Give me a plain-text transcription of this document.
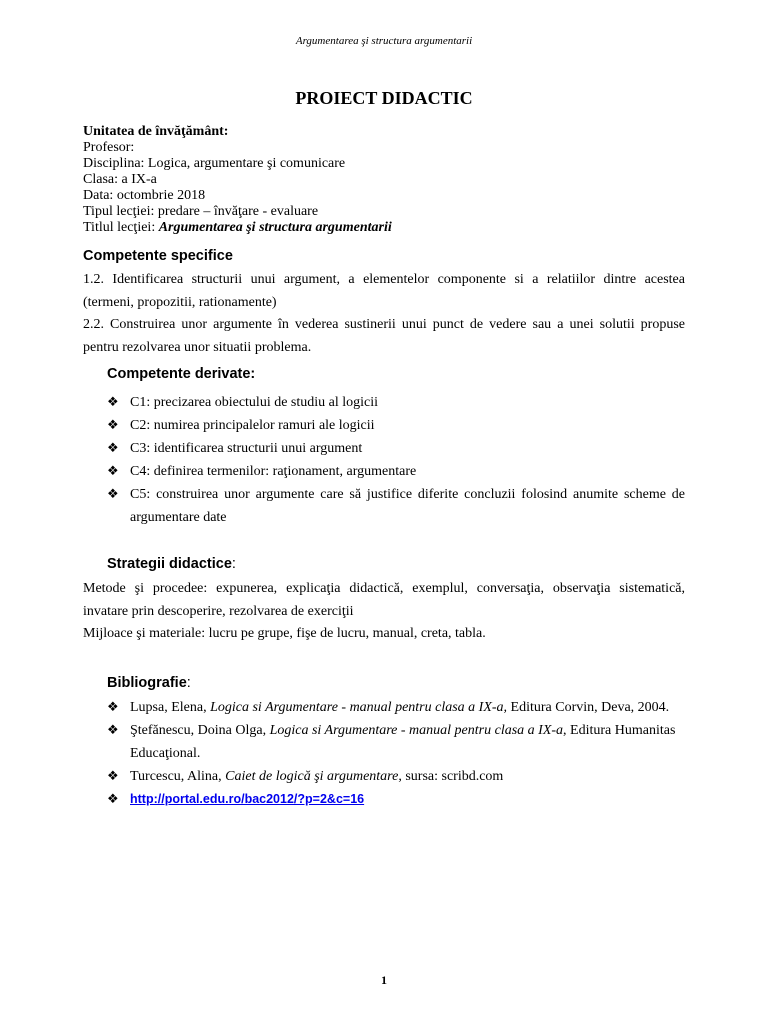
Argumentarea şi structura argumentarii
PROIECT DIDACTIC
Unitatea de învăţământ:
Profesor:
Disciplina: Logica, argumentare şi comunicare
Clasa: a IX-a
Data: octombrie 2018
Tipul lecţiei: predare – învăţare - evaluare
Titlul lecţiei: Argumentarea şi structura argumentarii
Competente specifice
1.2. Identificarea structurii unui argument, a elementelor componente si a relatiilor dintre acestea
(termeni, propozitii, rationamente)
2.2. Construirea unor argumente în vederea sustinerii unui punct de vedere sau a unei solutii propuse
pentru rezolvarea unor situatii problema.
Competente derivate:
❖ C1: precizarea obiectului de studiu al logicii
❖ C2: numirea principalelor ramuri ale logicii
❖ C3: identificarea structurii unui argument
❖ C4: definirea termenilor: raţionament, argumentare
❖ C5: construirea unor argumente care să justifice diferite concluzii folosind anumite scheme de
argumentare date
Strategii didactice:
Metode şi procedee: expunerea, explicaţia didactică, exemplul, conversaţia, observaţia sistematică,
invatare prin descoperire, rezolvarea de exerciţii
Mijloace şi materiale: lucru pe grupe, fişe de lucru, manual, creta, tabla.
Bibliografie:
❖ Lupsa, Elena, Logica si Argumentare - manual pentru clasa a IX-a, Editura Corvin, Deva, 2004.
❖ Ştefănescu, Doina Olga, Logica si Argumentare - manual pentru clasa a IX-a, Editura Humanitas
Educaţional.
❖ Turcescu, Alina, Caiet de logică şi argumentare, sursa: scribd.com
❖ http://portal.edu.ro/bac2012/?p=2&c=16
1
